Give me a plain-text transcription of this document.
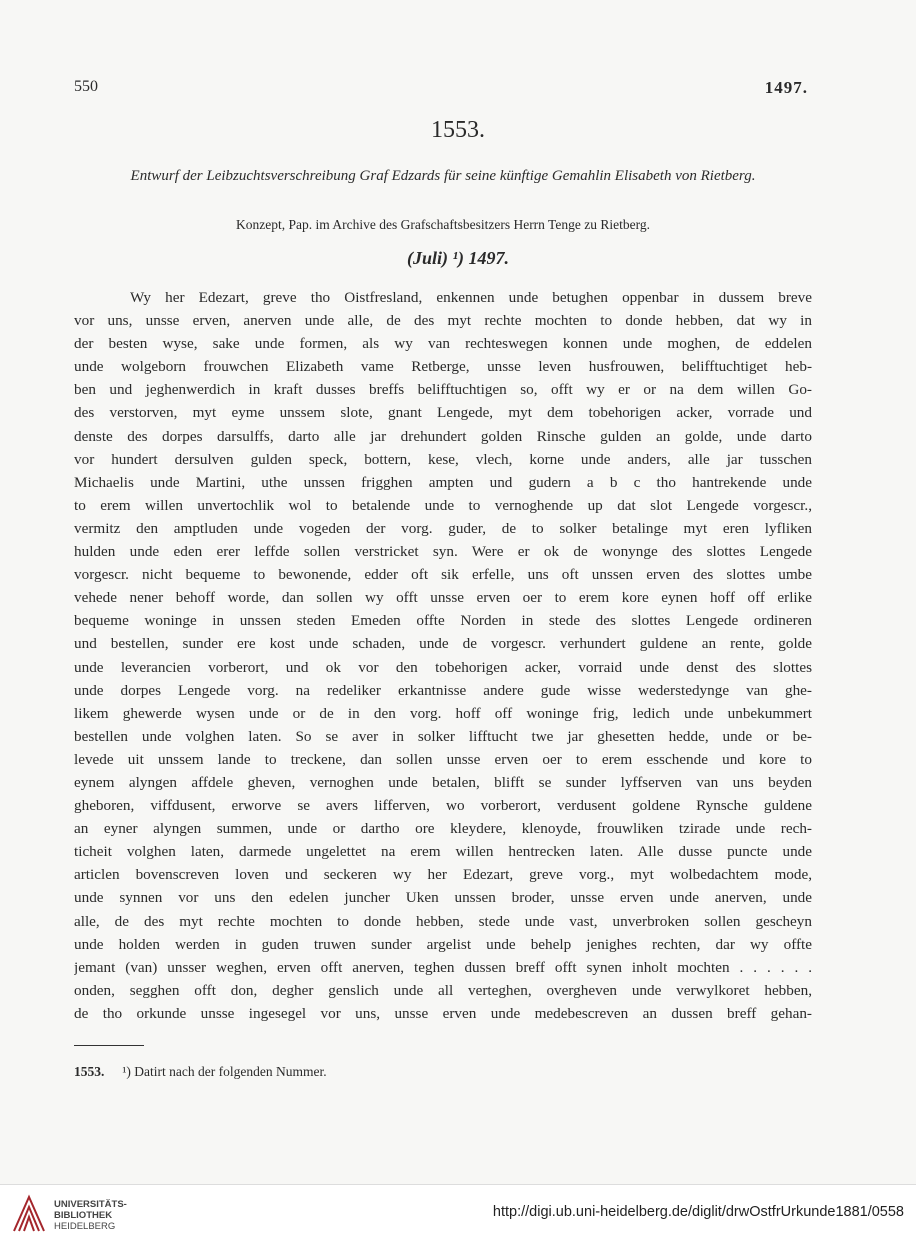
550	1497.
1553.
Entwurf der Leibzuchtsverschreibung Graf Edzards für seine künftige Gemahlin Elisabeth von Rietberg.
Konzept, Pap. im Archive des Grafschaftsbesitzers Herrn Tenge zu Rietberg.
(Juli) ¹) 1497.
Wy her Edezart, greve tho Oistfresland, enkennen unde betughen oppenbar in dussem breve
vor uns, unsse erven, anerven unde alle, de des myt rechte mochten to donde hebben, dat wy in
der besten wyse, sake unde formen, als wy van rechteswegen konnen unde moghen, de eddelen
unde wolgeborn frouwchen Elizabeth vame Retberge, unsse leven husfrouwen, belifftuchtiget heb-
ben und jeghenwerdich in kraft dusses breffs belifftuchtigen so, offt wy er or na dem willen Go-
des verstorven, myt eyme unssem slote, gnant Lengede, myt dem tobehorigen acker, vorrade und
denste des dorpes darsulffs, darto alle jar drehundert golden Rinsche gulden an golde, unde darto
vor hundert dersulven gulden speck, bottern, kese, vlech, korne unde anders, alle jar tusschen
Michaelis unde Martini, uthe unssen frigghen ampten und gudern a b c tho hantrekende unde
to erem willen unvertochlik wol to betalende unde to vernoghende up dat slot Lengede vorgescr.,
vermitz den amptluden unde vogeden der vorg. guder, de to solker betalinge myt eren lyfliken
hulden unde eden erer leffde sollen verstricket syn. Were er ok de wonynge des slottes Lengede
vorgescr. nicht bequeme to bewonende, edder oft sik erfelle, uns oft unssen erven des slottes umbe
vehede nener behoff worde, dan sollen wy offt unsse erven oer to erem kore eynen hoff off erlike
bequeme woninge in unssen steden Emeden offte Norden in stede des slottes Lengede ordineren
und bestellen, sunder ere kost unde schaden, unde de vorgescr. verhundert guldene an rente, golde
unde leverancien vorberort, und ok vor den tobehorigen acker, vorraid unde denst des slottes
unde dorpes Lengede vorg. na redeliker erkantnisse andere gude wisse wederstedynge van ghe-
likem ghewerde wysen unde or de in den vorg. hoff off woninge frig, ledich unde unbekummert
bestellen unde volghen laten. So se aver in solker lifftucht twe jar ghesetten hedde, unde or be-
levede uit unssem lande to treckene, dan sollen unsse erven oer to erem esschende und kore to
eynem alyngen affdele gheven, vernoghen unde betalen, blifft se sunder lyffserven van uns beyden
gheboren, viffdusent, erworve se avers lifferven, wo vorberort, verdusent goldene Rynsche guldene
an eyner alyngen summen, unde or dartho ore kleydere, klenoyde, frouwliken tzirade unde rech-
ticheit volghen laten, darmede ungelettet na erem willen hentrecken laten. Alle dusse puncte unde
articlen bovenscreven loven und seckeren wy her Edezart, greve vorg., myt wolbedachtem mode,
unde synnen vor uns den edelen juncher Uken unssen broder, unsse erven unde anerven, unde
alle, de des myt rechte mochten to donde hebben, stede unde vast, unverbroken sollen gescheyn
unde holden werden in guden truwen sunder argelist unde behelp jenighes rechten, dar wy offte
jemant (van) unsser weghen, erven offt anerven, teghen dussen breff offt synen inholt mochten . . . . . .
onden, segghen offt don, degher genslich unde all verteghen, overgheven unde verwylkoret hebben,
de tho orkunde unsse ingesegel vor uns, unsse erven unde medebescreven an dussen breff gehan-
1553. ¹) Datirt nach der folgenden Nummer.
UNIVERSITÄTS-
BIBLIOTHEK
HEIDELBERG
http://digi.ub.uni-heidelberg.de/diglit/drwOstfrUrkunde1881/0558
